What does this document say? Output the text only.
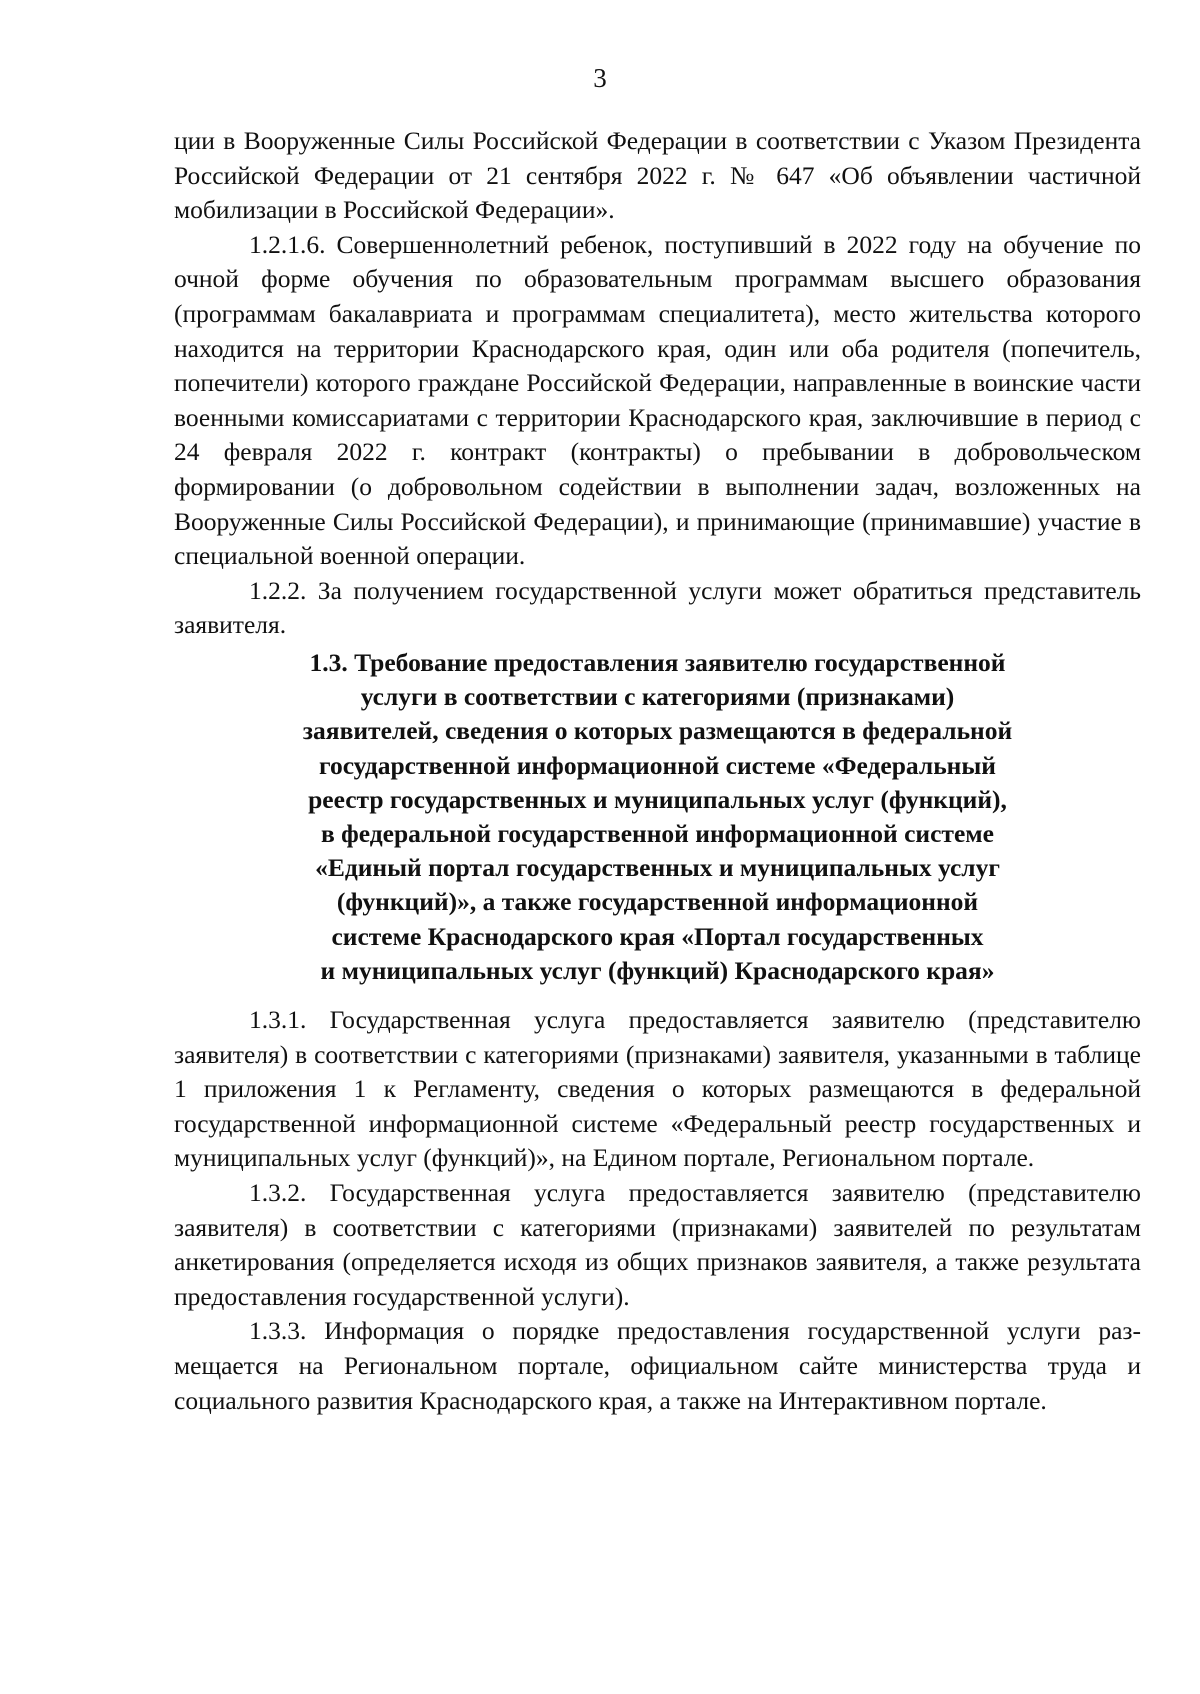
3

ции в Вооруженные Силы Российской Федерации в соответствии с Указом Президента Российской Федерации от 21 сентября 2022 г. № 647 «Об объявлении частичной мобилизации в Российской Федерации».

1.2.1.6. Совершеннолетний ребенок, поступивший в 2022 году на обучение по очной форме обучения по образовательным программам высшего образования (программам бакалавриата и программам специалитета), место жительства которого находится на территории Краснодарского края, один или оба родителя (попечитель, попечители) которого граждане Российской Федерации, направленные в воинские части военными комиссариатами с территории Краснодарского края, заключившие в период с 24 февраля 2022 г. контракт (контракты) о пребывании в добровольческом формировании (о добровольном содействии в выполнении задач, возложенных на Вооруженные Силы Российской Федерации), и принимающие (принимавшие) участие в специальной военной операции.

1.2.2. За получением государственной услуги может обратиться представитель заявителя.

1.3. Требование предоставления заявителю государственной
услуги в соответствии с категориями (признаками)
заявителей, сведения о которых размещаются в федеральной
государственной информационной системе «Федеральный
реестр государственных и муниципальных услуг (функций),
в федеральной государственной информационной системе
«Единый портал государственных и муниципальных услуг
(функций)», а также государственной информационной
системе Краснодарского края «Портал государственных
и муниципальных услуг (функций) Краснодарского края»

1.3.1. Государственная услуга предоставляется заявителю (представителю заявителя) в соответствии с категориями (признаками) заявителя, указанными в таблице 1 приложения 1 к Регламенту, сведения о которых размещаются в федеральной государственной информационной системе «Федеральный реестр государственных и муниципальных услуг (функций)», на Едином портале, Региональном портале.

1.3.2. Государственная услуга предоставляется заявителю (представителю заявителя) в соответствии с категориями (признаками) заявителей по результатам анкетирования (определяется исходя из общих признаков заявителя, а также результата предоставления государственной услуги).

1.3.3. Информация о порядке предоставления государственной услуги размещается на Региональном портале, официальном сайте министерства труда и социального развития Краснодарского края, а также на Интерактивном портале.
